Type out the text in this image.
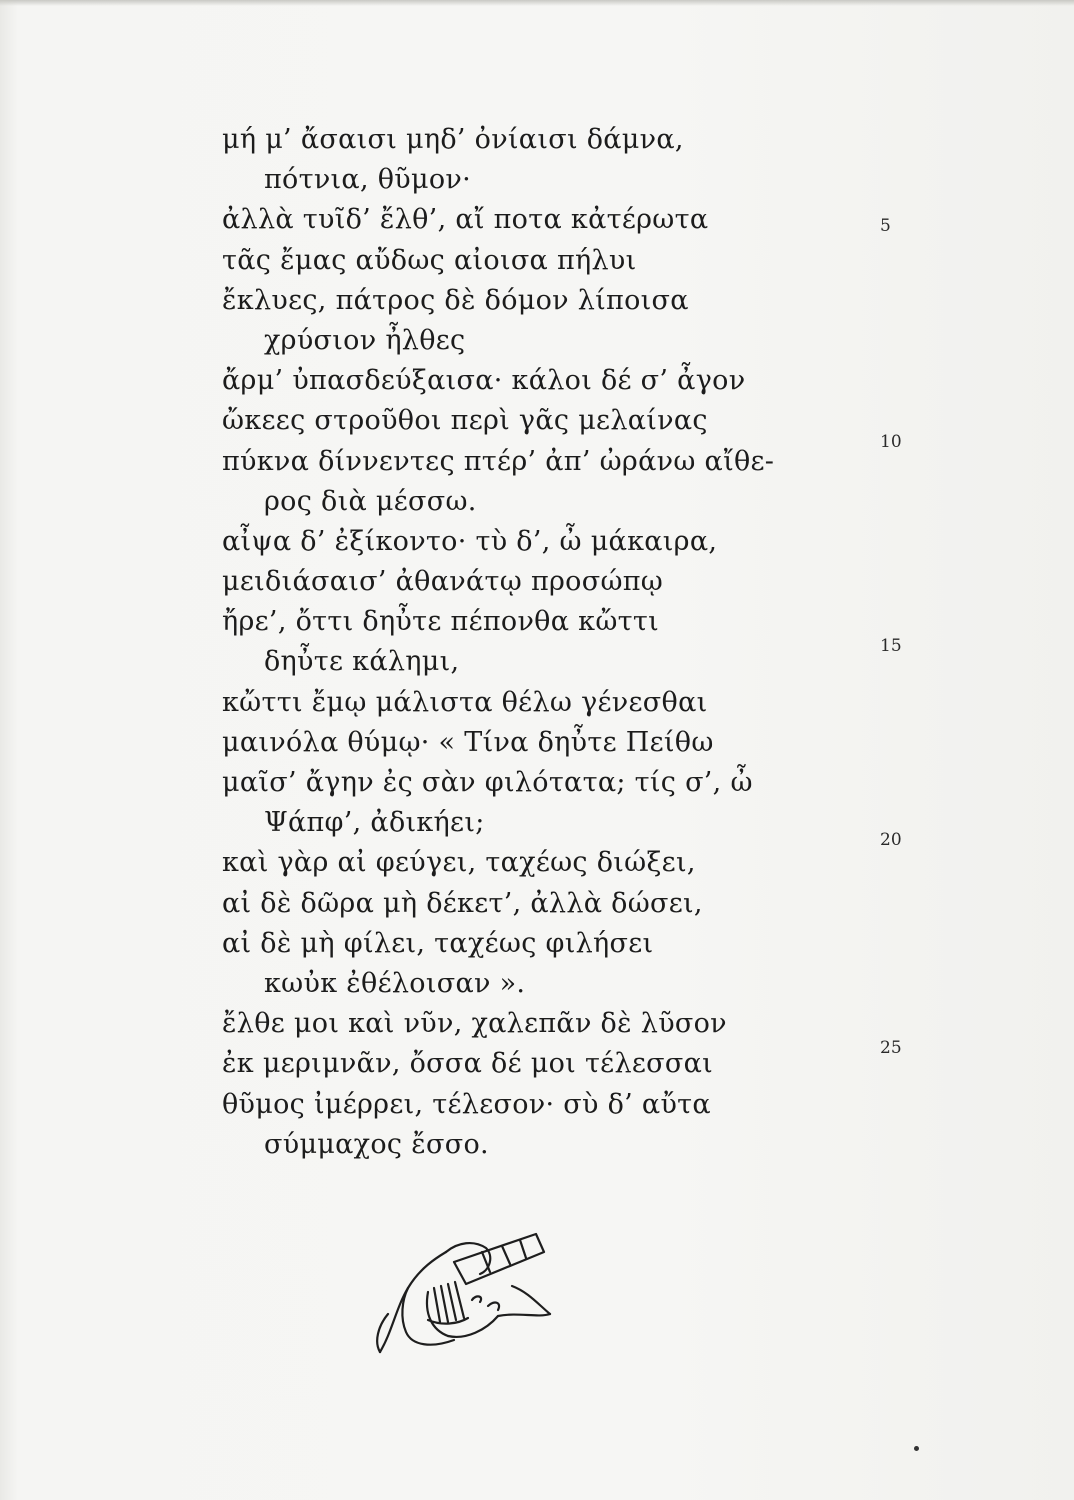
μή μ’ ἄσαισι μηδ’ ὀνίαισι δάμνα,
πότνια, θῦμον·
ἀλλὰ τυῖδ’ ἔλθ’, αἴ ποτα κἀτέρωτα
τᾶς ἔμας αὔδως αἰοισα πήλυι
ἔκλυες, πάτρος δὲ δόμον λίποισα
χρύσιον ἦλθες
ἄρμ’ ὐπασδεύξαισα· κάλοι δέ σ’ ἆγον
ὤκεες στροῦθοι περὶ γᾶς μελαίνας
πύκνα δίννεντες πτέρ’ ἀπ’ ὠράνω αἴθε-
ρος διὰ μέσσω.
αἶψα δ’ ἐξίκοντο· τὺ δ’, ὦ μάκαιρα,
μειδιάσαισ’ ἀθανάτῳ προσώπῳ
ἤρε’, ὄττι δηὖτε πέπονθα κὤττι
δηὖτε κάλημι,
κὤττι ἔμῳ μάλιστα θέλω γένεσθαι
μαινόλα θύμῳ· « Τίνα δηὖτε Πείθω
μαῖσ’ ἄγην ἐς σὰν φιλότατα; τίς σ’, ὦ
Ψάπφ’, ἀδικήει;
καὶ γὰρ αἰ φεύγει, ταχέως διώξει,
αἰ δὲ δῶρα μὴ δέκετ’, ἀλλὰ δώσει,
αἰ δὲ μὴ φίλει, ταχέως φιλήσει
κωὐκ ἐθέλοισαν ».
ἔλθε μοι καὶ νῦν, χαλεπᾶν δὲ λῦσον
ἐκ μεριμνᾶν, ὄσσα δέ μοι τέλεσσαι
θῦμος ἰμέρρει, τέλεσον· σὺ δ’ αὔτα
σύμμαχος ἔσσο.
5
10
15
20
25
